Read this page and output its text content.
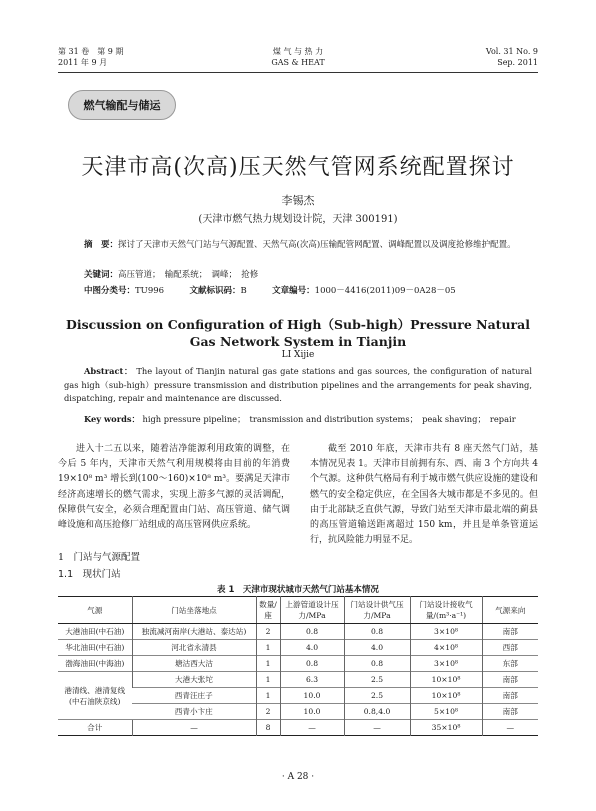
第 31 卷　第 9 期
2011 年 9 月
煤 气 与 热 力
GAS & HEAT
Vol. 31 No. 9
Sep. 2011
燃气输配与储运
天津市高(次高)压天然气管网系统配置探讨
李锡杰
(天津市燃气热力规划设计院，天津 300191)
摘　要：探讨了天津市天然气门站与气源配置、天然气高(次高)压输配管网配置、调峰配置以及调度抢修维护配置。
关键词：高压管道；　输配系统；　调峰；　抢修
中图分类号：TU996	文献标识码：B	文章编号：1000－4416(2011)09－0A28－05
Discussion on Configuration of High（Sub-high）Pressure Natural
Gas Network System in Tianjin
LI Xijie
Abstract： The layout of Tianjin natural gas gate stations and gas sources, the configuration of natural gas high（sub-high）pressure transmission and distribution pipelines and the arrangements for peak shaving, dispatching, repair and maintenance are discussed.
Key words： high pressure pipeline；　transmission and distribution systems；　peak shaving；　repair
进入十二五以来，随着洁净能源利用政策的调整，在今后 5 年内，天津市天然气利用规模将由目前的年消费 19×10⁸ m³ 增长到(100～160)×10⁸ m³。要满足天津市经济高速增长的燃气需求，实现上游多气源的灵活调配，保障供气安全，必须合理配置由门站、高压管道、储气调峰设施和高压抢修厂站组成的高压管网供应系统。
1　门站与气源配置
1.1　现状门站
截至 2010 年底，天津市共有 8 座天然气门站，基本情况见表 1。天津市目前拥有东、西、南 3 个方向共 4 个气源。这种供气格局有利于城市燃气供应设施的建设和燃气的安全稳定供应，在全国各大城市都是不多见的。但由于北部缺乏直供气源，导致门站至天津市最北端的蓟县的高压管道输送距离超过 150 km，并且是单条管道运行，抗风险能力明显不足。
表 1　天津市现状城市天然气门站基本情况
气源	门站坐落地点	数量/座	上游管道设计压力/MPa	门站设计供气压力/MPa	门站设计接收气量/(m³·a⁻¹)	气源来向
大港油田(中石油)	独流减河南岸(大港站、泰达站)	2	0.8	0.8	3×10⁸	南部
华北油田(中石油)	河北省永清县	1	4.0	4.0	4×10⁸	西部
渤海油田(中海油)	塘沽西大沽	1	0.8	0.8	3×10⁸	东部
港清线、港清复线(中石油陕京线)	大港大张坨	1	6.3	2.5	10×10⁸	南部
	西青汪庄子	1	10.0	2.5	10×10⁸	南部
	西青小卞庄	2	10.0	0.8,4.0	5×10⁸	南部
合计	—	8	—	—	35×10⁸	—
· A 28 ·
